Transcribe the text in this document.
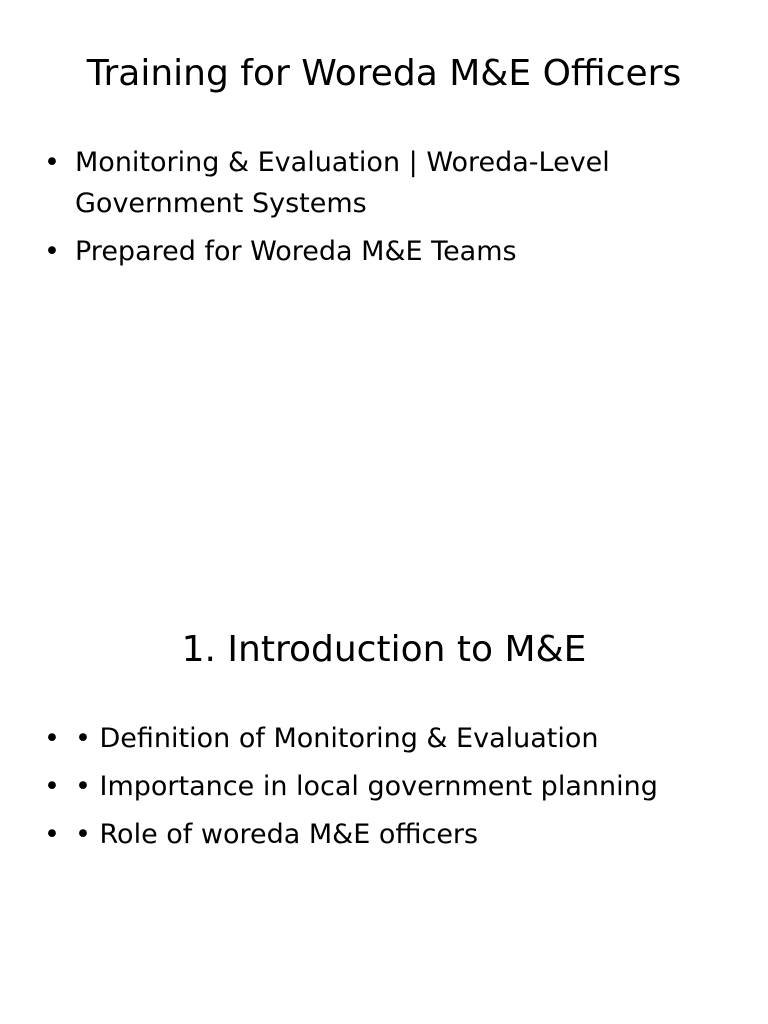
Training for Woreda M&E Officers
• Monitoring & Evaluation | Woreda-Level Government Systems
• Prepared for Woreda M&E Teams
1. Introduction to M&E
• • Definition of Monitoring & Evaluation
• • Importance in local government planning
• • Role of woreda M&E officers
